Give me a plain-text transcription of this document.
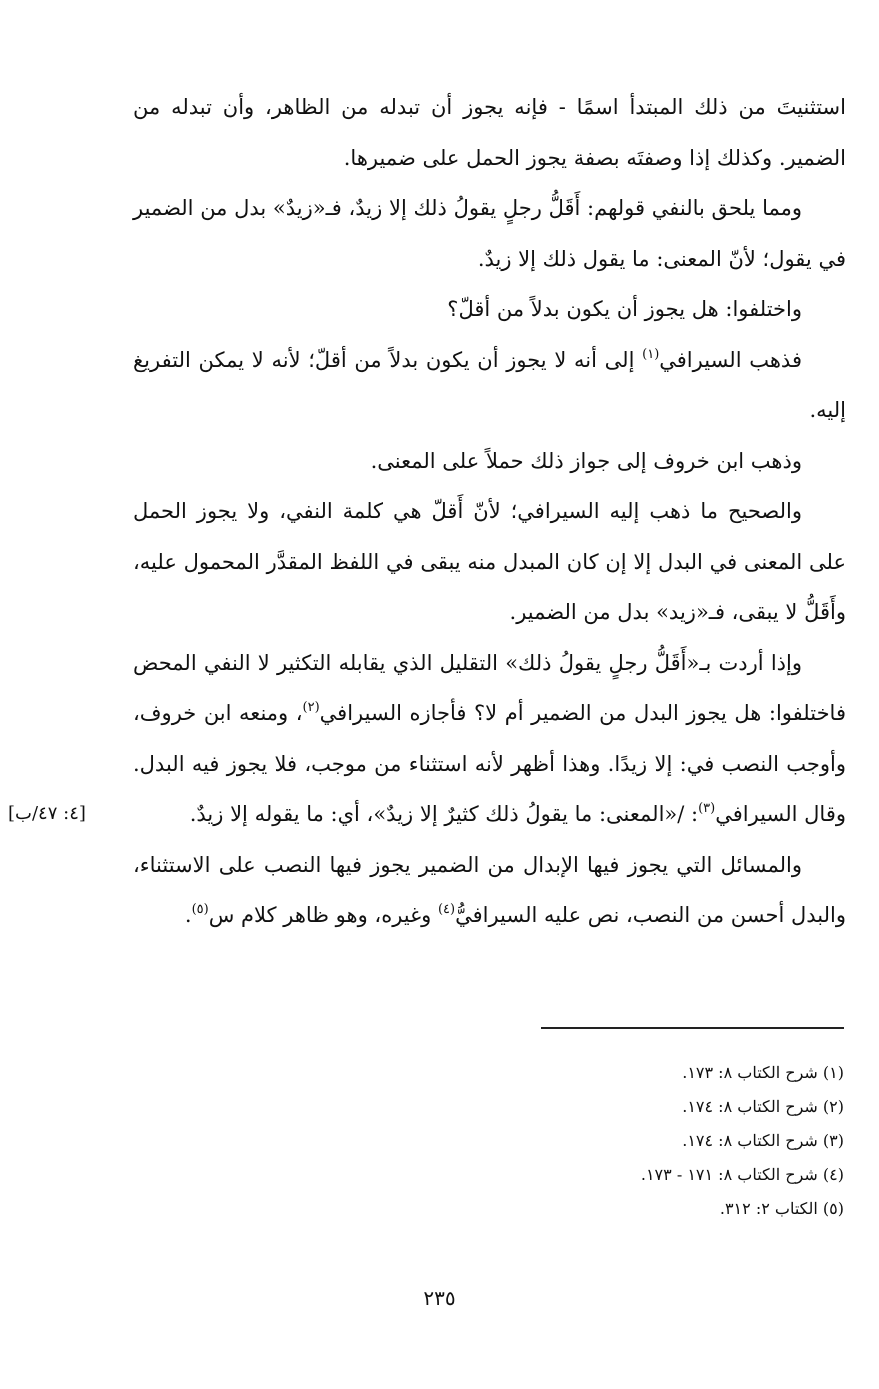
استثنيتَ من ذلك المبتدأ اسمًا - فإنه يجوز أن تبدله من الظاهر، وأن تبدله من الضمير. وكذلك إذا وصفتَه بصفة يجوز الحمل على ضميرها.

ومما يلحق بالنفي قولهم: أَقَلُّ رجلٍ يقولُ ذلك إلا زيدٌ، فـ«زيدٌ» بدل من الضمير في يقول؛ لأنّ المعنى: ما يقول ذلك إلا زيدٌ.

واختلفوا: هل يجوز أن يكون بدلاً من أقلّ؟

فذهب السيرافي$^{(١)}$ إلى أنه لا يجوز أن يكون بدلاً من أقلّ؛ لأنه لا يمكن التفريغ إليه.

وذهب ابن خروف إلى جواز ذلك حملاً على المعنى.

والصحيح ما ذهب إليه السيرافي؛ لأنّ أَقلّ هي كلمة النفي، ولا يجوز الحمل على المعنى في البدل إلا إن كان المبدل منه يبقى في اللفظ المقدَّر المحمول عليه، وأَقَلُّ لا يبقى، فـ«زيد» بدل من الضمير.

وإذا أردت بـ«أَقَلُّ رجلٍ يقولُ ذلك» التقليل الذي يقابله التكثير لا النفي المحض فاختلفوا: هل يجوز البدل من الضمير أم لا؟ فأجازه السيرافي$^{(٢)}$، ومنعه ابن خروف، وأوجب النصب في: إلا زيدًا. وهذا أظهر لأنه استثناء من موجب، فلا يجوز فيه البدل. وقال السيرافي$^{(٣)}$: /«المعنى: ما يقولُ ذلك كثيرٌ إلا زيدٌ»، أي: ما يقوله إلا زيدٌ.

والمسائل التي يجوز فيها الإبدال من الضمير يجوز فيها النصب على الاستثناء، والبدل أحسن من النصب، نص عليه السيرافيُّ$^{(٤)}$ وغيره، وهو ظاهر كلام س$^{(٥)}$.

[٤: ٤٧/ب]
(١) شرح الكتاب ٨: ١٧٣.
(٢) شرح الكتاب ٨: ١٧٤.
(٣) شرح الكتاب ٨: ١٧٤.
(٤) شرح الكتاب ٨: ١٧١ - ١٧٣.
(٥) الكتاب ٢: ٣١٢.
٢٣٥
